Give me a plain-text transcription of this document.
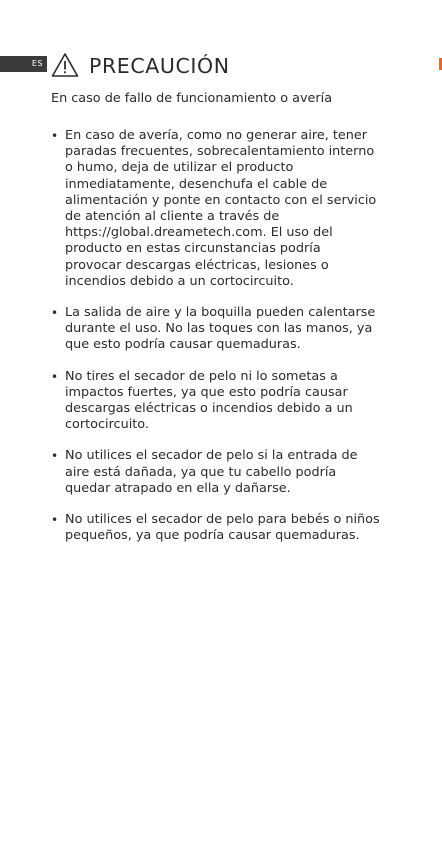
ES PRECAUCIÓN

En caso de fallo de funcionamiento o avería

• En caso de avería, como no generar aire, tener paradas frecuentes, sobrecalentamiento interno o humo, deja de utilizar el producto inmediatamente, desenchufa el cable de alimentación y ponte en contacto con el servicio de atención al cliente a través de https://global.dreametech.com. El uso del producto en estas circunstancias podría provocar descargas eléctricas, lesiones o incendios debido a un cortocircuito.
• La salida de aire y la boquilla pueden calentarse durante el uso. No las toques con las manos, ya que esto podría causar quemaduras.
• No tires el secador de pelo ni lo sometas a impactos fuertes, ya que esto podría causar descargas eléctricas o incendios debido a un cortocircuito.
• No utilices el secador de pelo si la entrada de aire está dañada, ya que tu cabello podría quedar atrapado en ella y dañarse.
• No utilices el secador de pelo para bebés o niños pequeños, ya que podría causar quemaduras.
